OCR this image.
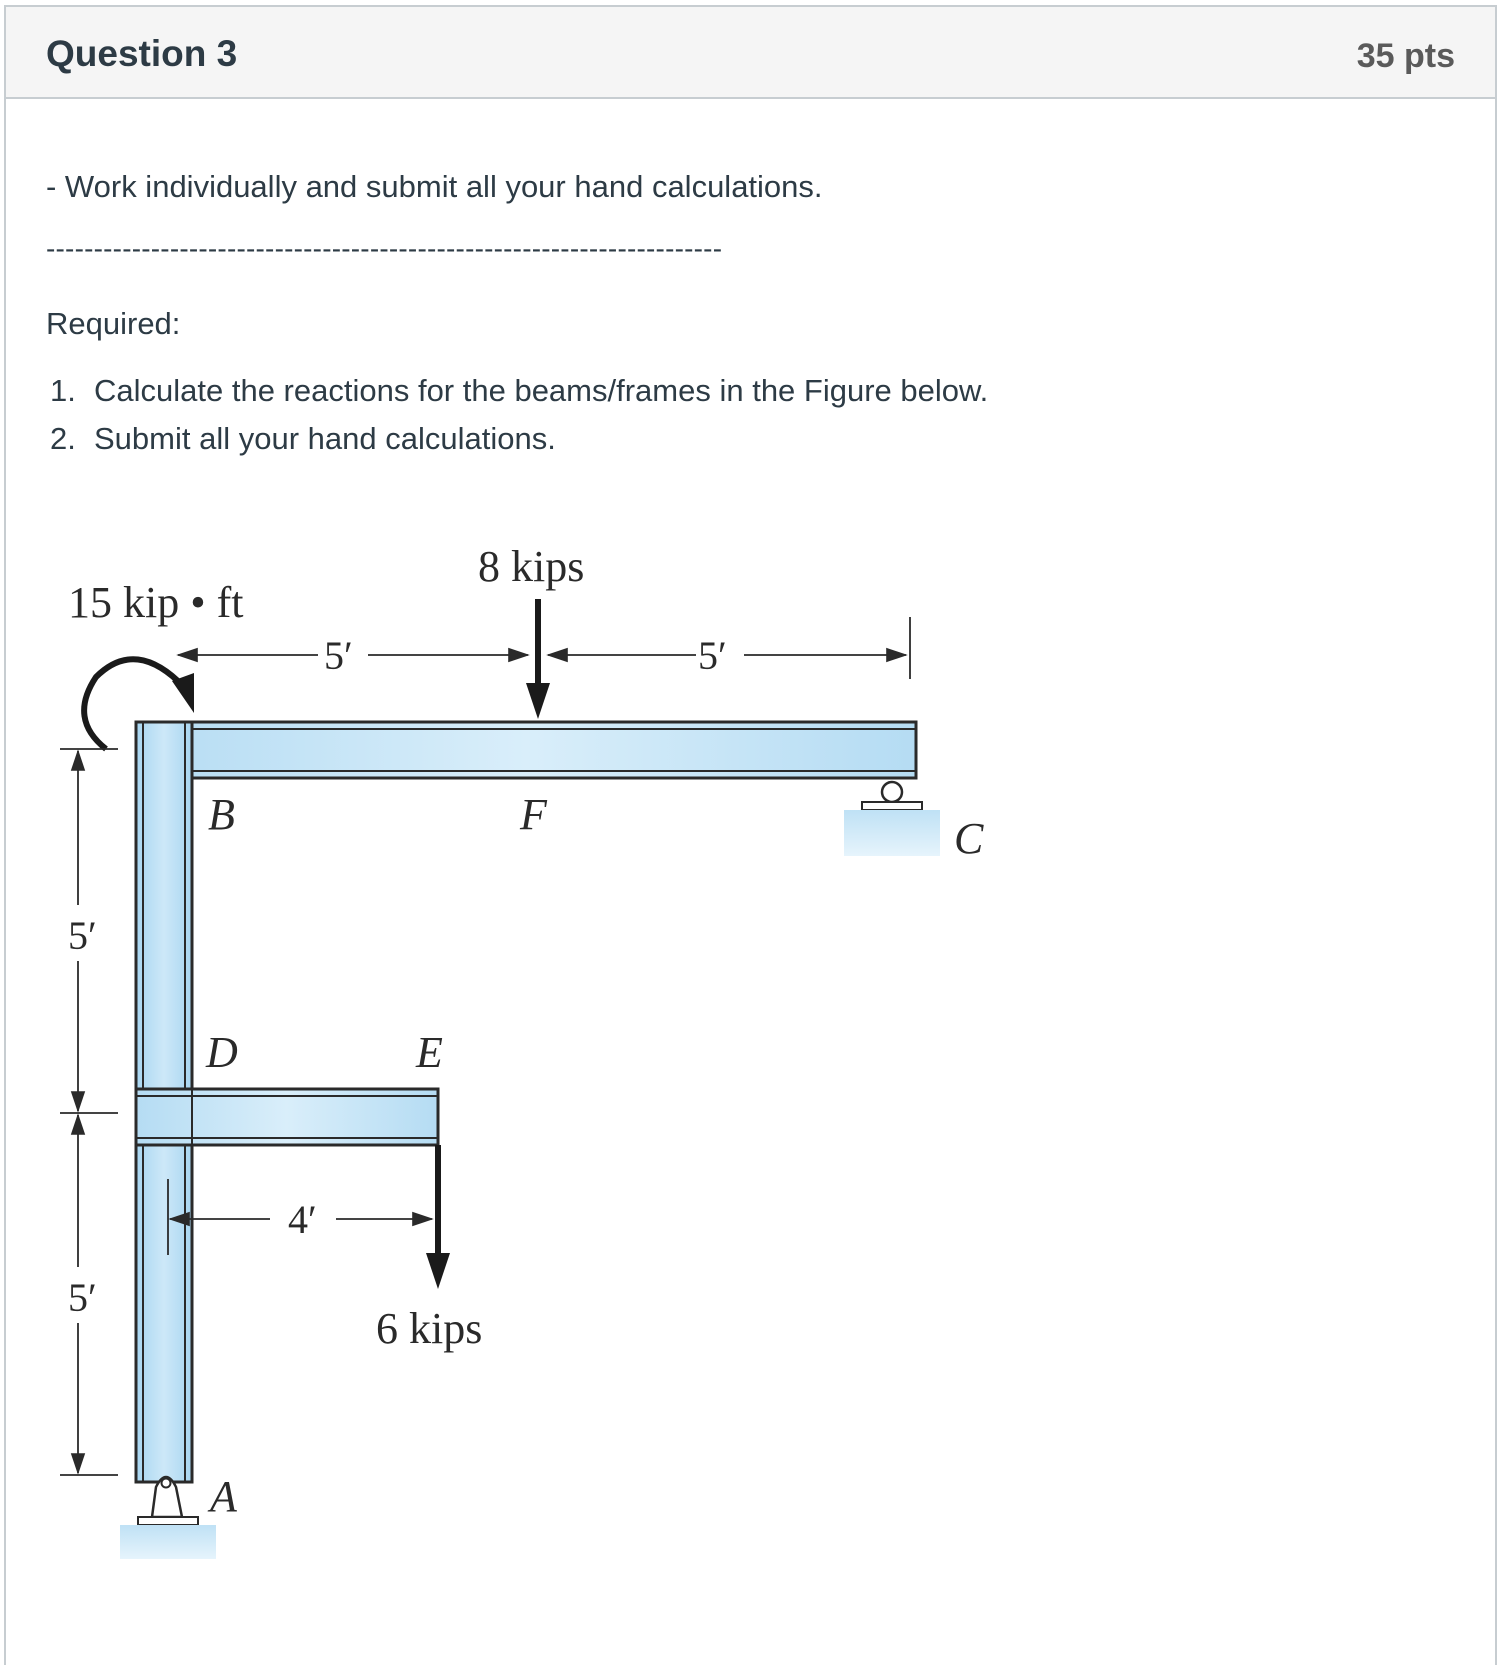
Question 3	35 pts

- Work individually and submit all your hand calculations.

-----------------------------------------------------------------------

Required:

1. Calculate the reactions for the beams/frames in the Figure below.
2. Submit all your hand calculations.
15 kip • ft
8 kips
5′	5′
5′
5′
4′
6 kips
B	F	C
D	E
A
